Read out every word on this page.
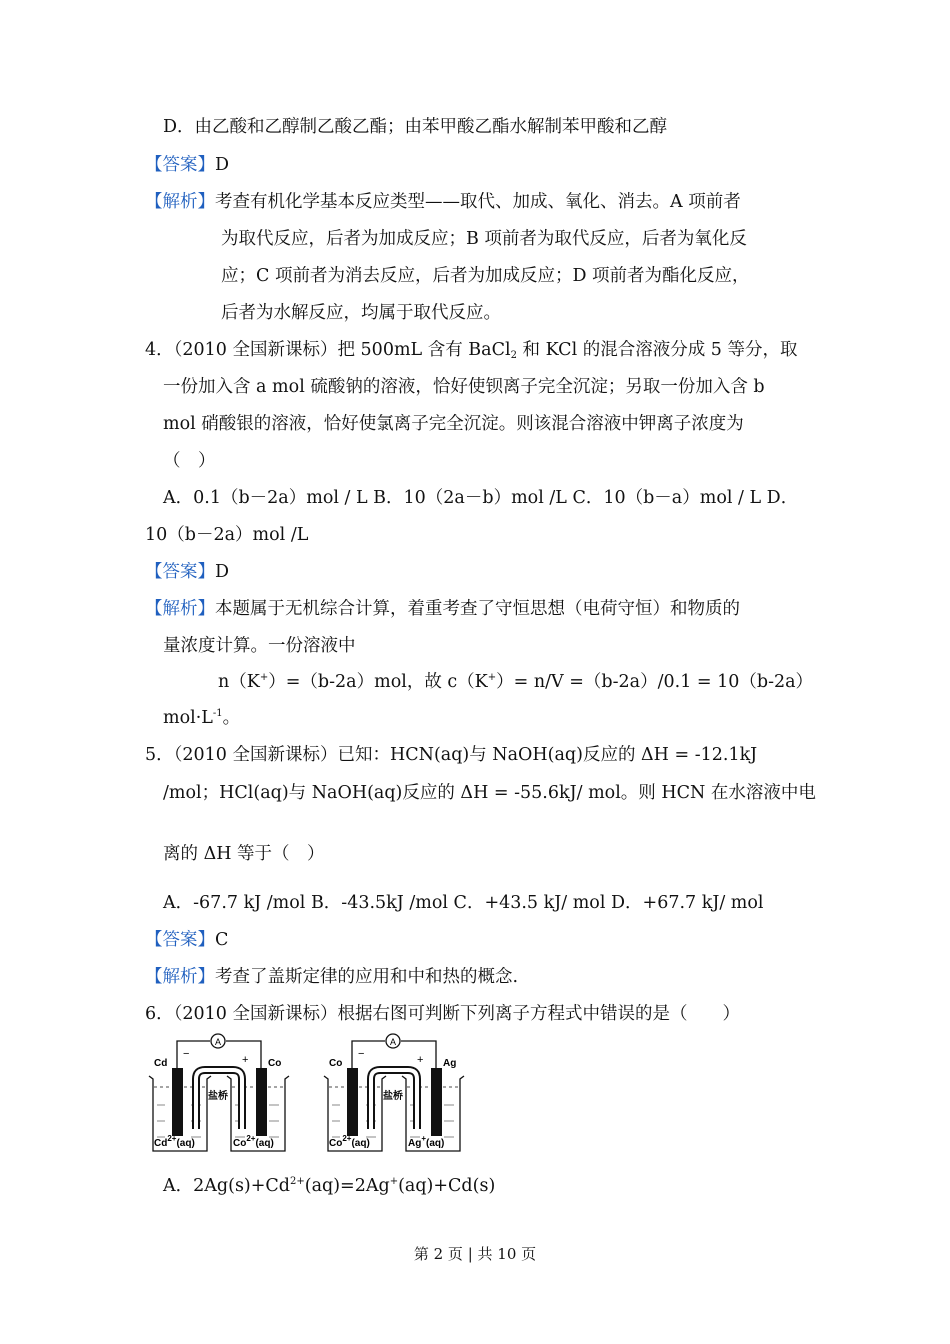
D．由乙酸和乙醇制乙酸乙酯；由苯甲酸乙酯水解制苯甲酸和乙醇
【答案】D
【解析】考查有机化学基本反应类型——取代、加成、氧化、消去。A 项前者
为取代反应，后者为加成反应；B 项前者为取代反应，后者为氧化反
应；C 项前者为消去反应，后者为加成反应；D 项前者为酯化反应，
后者为水解反应，均属于取代反应。
4．（2010 全国新课标）把 500mL 含有 BaCl$_2$ 和 KCl 的混合溶液分成 5 等分，取
一份加入含 a mol 硫酸钠的溶液，恰好使钡离子完全沉淀；另取一份加入含 b
mol 硝酸银的溶液，恰好使氯离子完全沉淀。则该混合溶液中钾离子浓度为
（　）
A．0.1（b－2a）mol / L B．10（2a－b）mol /L C．10（b－a）mol / L D．
10（b－2a）mol /L
【答案】D
【解析】本题属于无机综合计算，着重考查了守恒思想（电荷守恒）和物质的
量浓度计算。一份溶液中
n（K+）=（b-2a）mol，故 c（K+）= n/V =（b-2a）/0.1 = 10（b-2a）
$mol\cdot L^{-1}$。
5．（2010 全国新课标）已知：HCN(aq)与 NaOH(aq)反应的 ΔH = -12.1kJ
/mol；HCl(aq)与 NaOH(aq)反应的 ΔH = -55.6kJ/ mol。则 HCN 在水溶液中电
离的 ΔH 等于（　）
A．-67.7 kJ /mol B．-43.5kJ /mol C．+43.5 kJ/ mol D．+67.7 kJ/ mol
【答案】C
【解析】考查了盖斯定律的应用和中和热的概念.
6．（2010 全国新课标）根据右图可判断下列离子方程式中错误的是（　　）
A
Cd	Co
−	+
盐桥
$Cd^{2+}(aq)$	$Co^{2+}(aq)$
A
Co	Ag
−	+
盐桥
$Co^{2+}(aq)$	Ag+(aq)
A．$2Ag(s)+Cd^{2+}(aq)=2Ag^+(aq)+Cd(s)$
第 2 页 | 共 10 页
